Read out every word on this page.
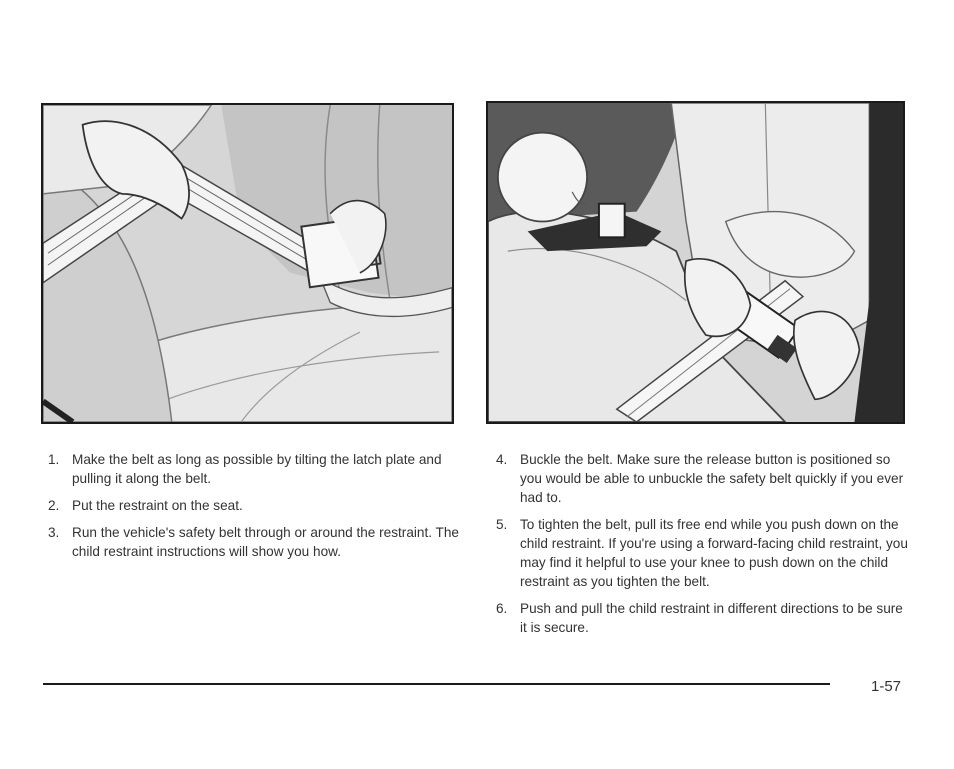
1. Make the belt as long as possible by tilting the latch plate and pulling it along the belt.
2. Put the restraint on the seat.
3. Run the vehicle's safety belt through or around the restraint. The child restraint instructions will show you how.
4. Buckle the belt. Make sure the release button is positioned so you would be able to unbuckle the safety belt quickly if you ever had to.
5. To tighten the belt, pull its free end while you push down on the child restraint. If you're using a forward-facing child restraint, you may find it helpful to use your knee to push down on the child restraint as you tighten the belt.
6. Push and pull the child restraint in different directions to be sure it is secure.
1-57
